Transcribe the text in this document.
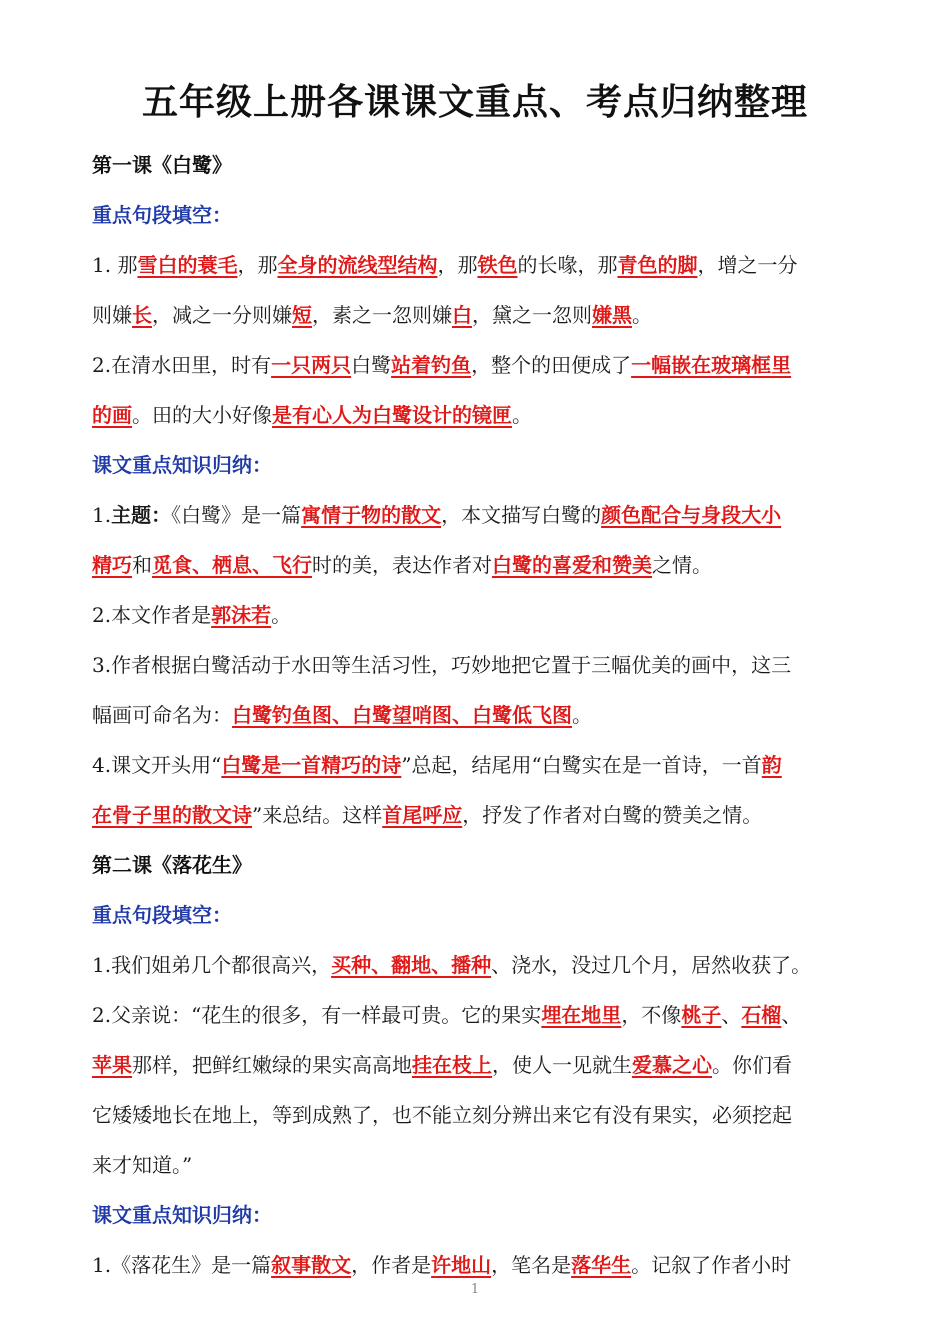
五年级上册各课课文重点、考点归纳整理
第一课《白鹭》
重点句段填空：
1. 那雪白的蓑毛，那全身的流线型结构，那铁色的长喙，那青色的脚，增之一分
则嫌长，减之一分则嫌短，素之一忽则嫌白，黛之一忽则嫌黑。
2.在清水田里，时有一只两只白鹭站着钓鱼，整个的田便成了一幅嵌在玻璃框里
的画。田的大小好像是有心人为白鹭设计的镜匣。
课文重点知识归纳：
1.主题：《白鹭》是一篇寓情于物的散文，本文描写白鹭的颜色配合与身段大小
精巧和觅食、栖息、飞行时的美，表达作者对白鹭的喜爱和赞美之情。
2.本文作者是郭沫若。
3.作者根据白鹭活动于水田等生活习性，巧妙地把它置于三幅优美的画中，这三
幅画可命名为：白鹭钓鱼图、白鹭望哨图、白鹭低飞图。
4.课文开头用“白鹭是一首精巧的诗”总起，结尾用“白鹭实在是一首诗，一首韵
在骨子里的散文诗”来总结。这样首尾呼应，抒发了作者对白鹭的赞美之情。
第二课《落花生》
重点句段填空：
1.我们姐弟几个都很高兴，买种、翻地、播种、浇水，没过几个月，居然收获了。
2.父亲说：“花生的很多，有一样最可贵。它的果实埋在地里，不像桃子、石榴、
苹果那样，把鲜红嫩绿的果实高高地挂在枝上，使人一见就生爱慕之心。你们看
它矮矮地长在地上，等到成熟了，也不能立刻分辨出来它有没有果实，必须挖起
来才知道。”
课文重点知识归纳：
1.《落花生》是一篇叙事散文，作者是许地山，笔名是落华生。记叙了作者小时
1
